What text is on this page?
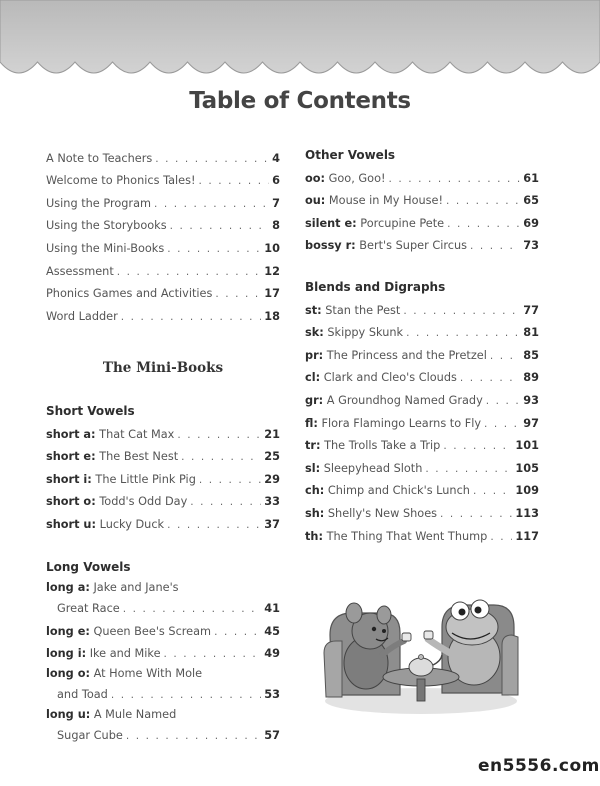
Table of Contents
A Note to Teachers . . .	4
Welcome to Phonics Tales! . . .	6
Using the Program . . .	7
Using the Storybooks . . .	8
Using the Mini-Books . . .	10
Assessment . . .	12
Phonics Games and Activities . . .	17
Word Ladder . . .	18
The Mini-Books
Short Vowels
short a: That Cat Max . . .	21
short e: The Best Nest . . .	25
short i: The Little Pink Pig . . .	29
short o: Todd's Odd Day . . .	33
short u: Lucky Duck . . .	37
Long Vowels
long a: Jake and Jane's
Great Race . . .	41
long e: Queen Bee's Scream . . .	45
long i: Ike and Mike . . .	49
long o: At Home With Mole
and Toad . . .	53
long u: A Mule Named
Sugar Cube . . .	57
Other Vowels
oo: Goo, Goo! . . .	61
ou: Mouse in My House! . . .	65
silent e: Porcupine Pete . . .	69
bossy r: Bert's Super Circus . . .	73
Blends and Digraphs
st: Stan the Pest . . .	77
sk: Skippy Skunk . . .	81
pr: The Princess and the Pretzel . . .	85
cl: Clark and Cleo's Clouds . . .	89
gr: A Groundhog Named Grady . . .	93
fl: Flora Flamingo Learns to Fly . . .	97
tr: The Trolls Take a Trip . . .	101
sl: Sleepyhead Sloth . . .	105
ch: Chimp and Chick's Lunch . . .	109
sh: Shelly's New Shoes . . .	113
th: The Thing That Went Thump . . . 117
en5556.com
